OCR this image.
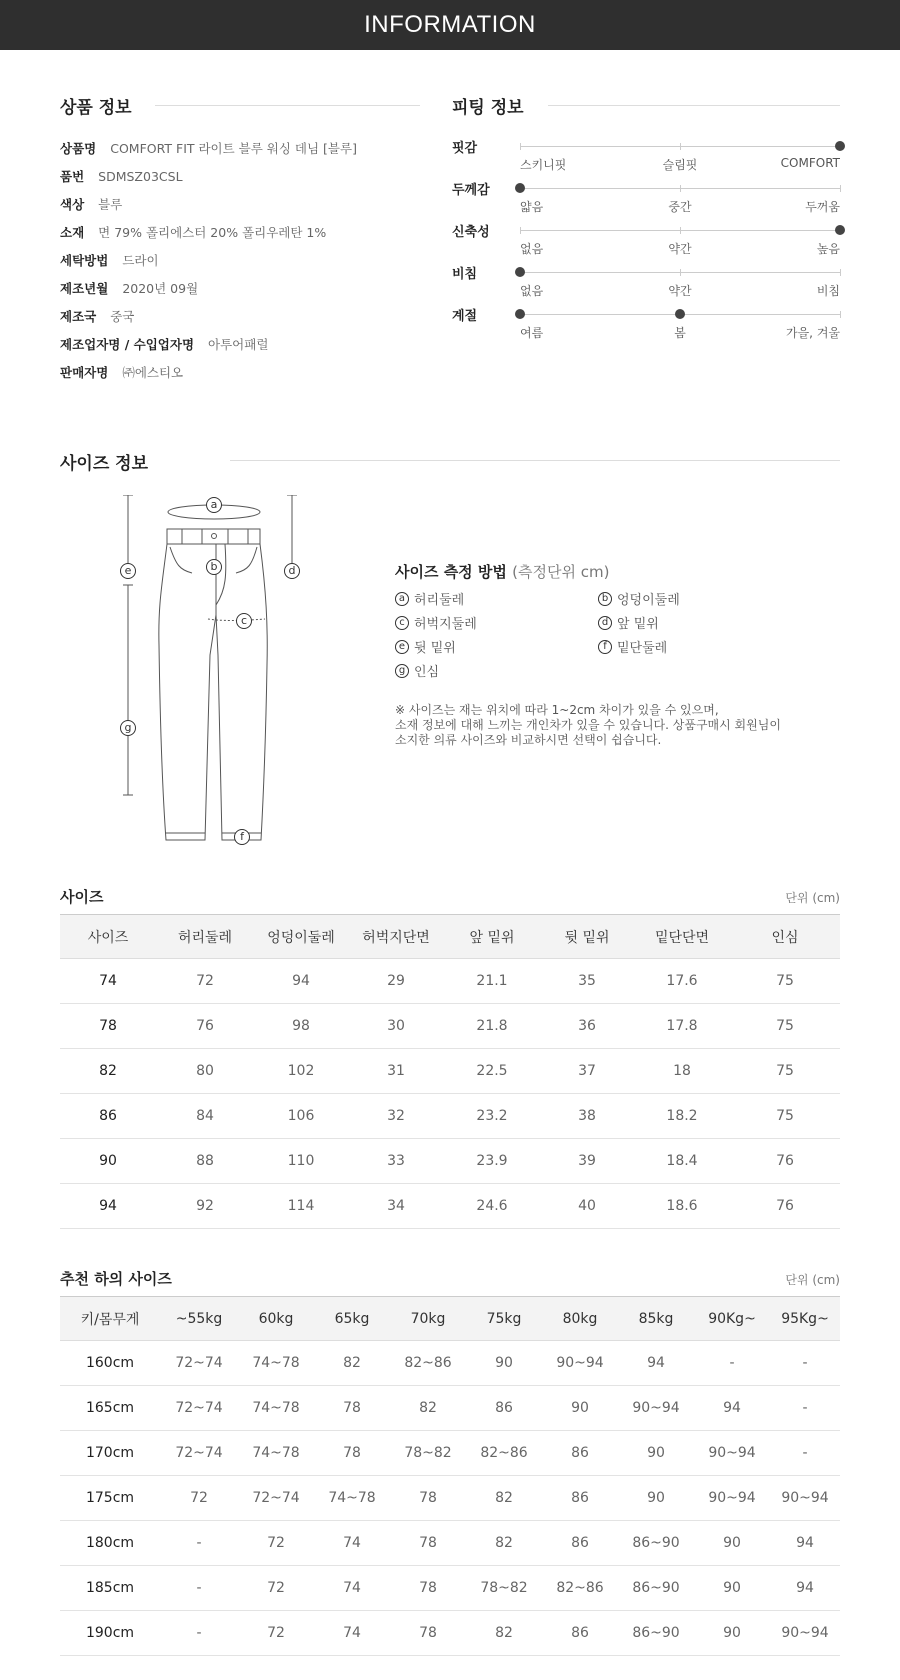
INFORMATION
상품 정보
상품명 COMFORT FIT 라이트 블루 워싱 데님 [블루]
품번 SDMSZ03CSL
색상 블루
소재 면 79% 폴리에스터 20% 폴리우레탄 1%
세탁방법 드라이
제조년월 2020년 09월
제조국 중국
제조업자명 / 수입업자명 아투어패럴
판매자명 ㈜에스티오
피팅 정보
핏감
스키니핏	슬림핏	COMFORT
두께감
얇음	중간	두꺼움
신축성
없음	약간	높음
비침
없음	약간	비침
계절
여름	봄	가을, 겨울
사이즈 정보
a
b
c
d
e
f
g
사이즈 측정 방법 (측정단위 cm)
a 허리둘레	b 엉덩이둘레
c 허벅지둘레	d 앞 밑위
e 뒷 밑위	f 밑단둘레
g 인심
※ 사이즈는 재는 위치에 따라 1~2cm 차이가 있을 수 있으며,
소재 정보에 대해 느끼는 개인차가 있을 수 있습니다. 상품구매시 회원님이
소지한 의류 사이즈와 비교하시면 선택이 쉽습니다.
사이즈	단위 (cm)
사이즈	허리둘레	엉덩이둘레	허벅지단면	앞 밑위	뒷 밑위	밑단단면	인심
74	72	94	29	21.1	35	17.6	75
78	76	98	30	21.8	36	17.8	75
82	80	102	31	22.5	37	18	75
86	84	106	32	23.2	38	18.2	75
90	88	110	33	23.9	39	18.4	76
94	92	114	34	24.6	40	18.6	76
추천 하의 사이즈	단위 (cm)
키/몸무게	~55kg	60kg	65kg	70kg	75kg	80kg	85kg	90Kg~	95Kg~
160cm	72~74	74~78	82	82~86	90	90~94	94	-	-
165cm	72~74	74~78	78	82	86	90	90~94	94	-
170cm	72~74	74~78	78	78~82	82~86	86	90	90~94	-
175cm	72	72~74	74~78	78	82	86	90	90~94	90~94
180cm	-	72	74	78	82	86	86~90	90	94
185cm	-	72	74	78	78~82	82~86	86~90	90	94
190cm	-	72	74	78	82	86	86~90	90	90~94
